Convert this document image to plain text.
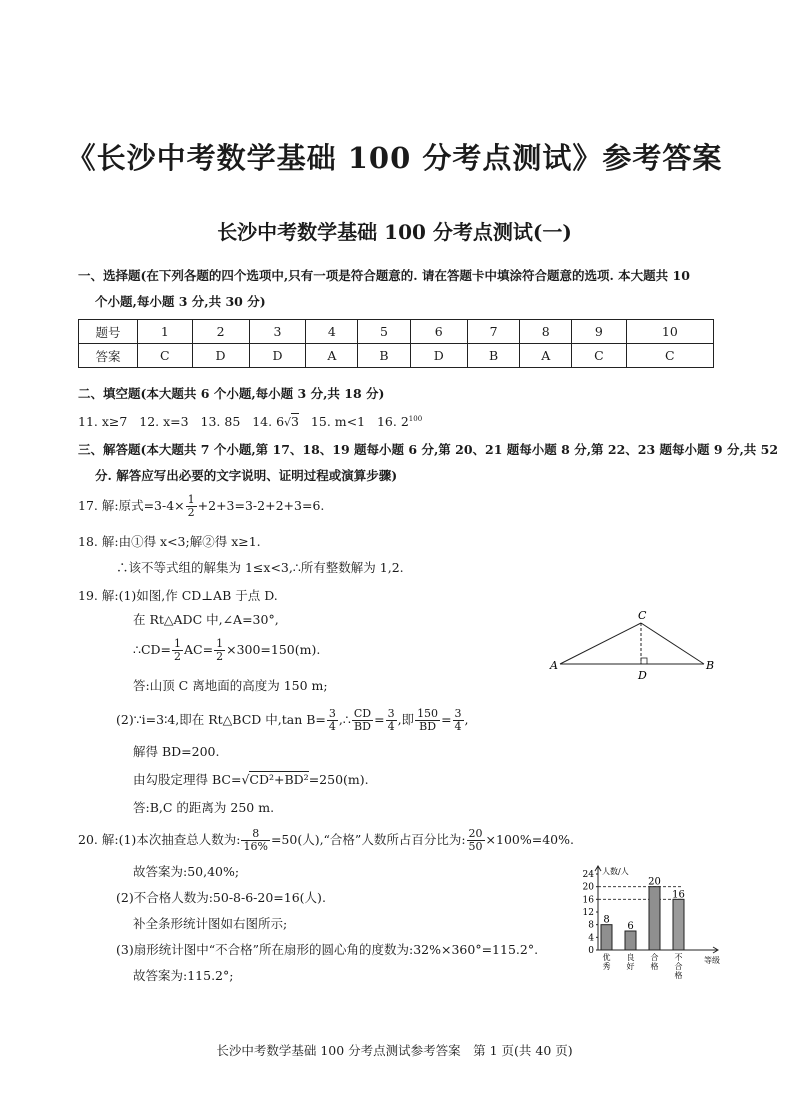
《长沙中考数学基础 100 分考点测试》参考答案
长沙中考数学基础 100 分考点测试(一)
一、选择题(在下列各题的四个选项中,只有一项是符合题意的. 请在答题卡中填涂符合题意的选项. 本大题共 10
个小题,每小题 3 分,共 30 分)
题号	1	2	3	4	5	6	7	8	9	10
答案	C	D	D	A	B	D	B	A	C	C
二、填空题(本大题共 6 个小题,每小题 3 分,共 18 分)
11. x≥7 12. x=3 13. 85 14. 6√3 15. m<1 16. $2^{100}$
三、解答题(本大题共 7 个小题,第 17、18、19 题每小题 6 分,第 20、21 题每小题 8 分,第 22、23 题每小题 9 分,共 52
分. 解答应写出必要的文字说明、证明过程或演算步骤)
17. 解:原式$=3-4\times \frac{1}{2} +2+3=3-2+2+3=6$.
18. 解:由①得 x<3;解②得 x≥1.
∴该不等式组的解集为 1≤x<3,∴所有整数解为 1,2.
19. 解:(1)如图,作 CD⊥AB 于点 D.
在 Rt△ADC 中,∠A=30°,
∴CD= $\frac{1}{2} AC= \frac{1}{2} \times 300=150(m)$.
答:山顶 C 离地面的高度为 150 m;
A	B
C
D
(2)∵i=3∶4,即在 Rt△BCD 中,tan $B= \frac{3}{4}$ ,∴ $\frac{CD}{BD} = \frac{3}{4}$ ,即 $\frac{150}{BD} = \frac{3}{4}$ ,
解得 BD=200.
由勾股定理得 BC=√CD²+BD²=250(m).
答:B,C 的距离为 250 m.
20. 解:(1)本次抽查总人数为: $\frac{8}{16\%} =50$(人),“合格”人数所占百分比为: $\frac{20}{50} \times 100\%=40\%$.
故答案为:50,40%;
(2)不合格人数为:50-8-6-20=16(人).
补全条形统计图如右图所示;
(3)扇形统计图中“不合格”所在扇形的圆心角的度数为:32%×360°=115.2°.
故答案为:115.2°;
人数/人
等级
0
4
8
12
16
20
24
8
优秀
6
良好
20
合格
16
不合格
长沙中考数学基础 100 分考点测试参考答案　第 1 页(共 40 页)
